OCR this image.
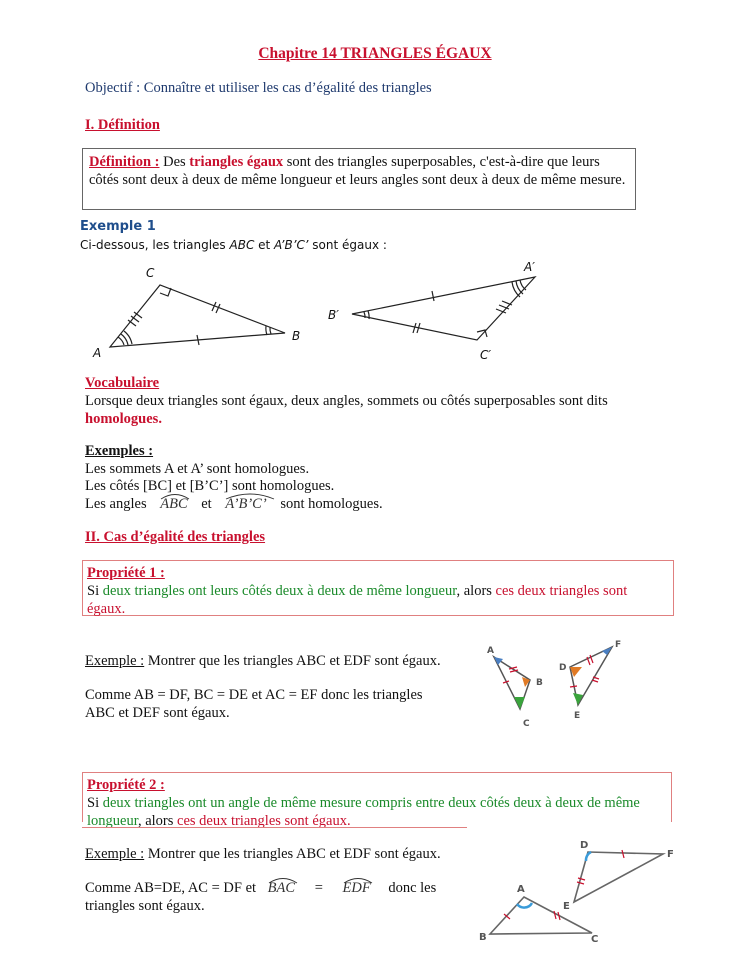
Chapitre 14 TRIANGLES ÉGAUX
Objectif : Connaître et utiliser les cas d’égalité des triangles
I. Définition
Définition : Des triangles égaux sont des triangles superposables, c'est-à-dire que leurs côtés sont deux à deux de même longueur et leurs angles sont deux à deux de même mesure.
Exemple 1
Ci-dessous, les triangles ABC et A’B’C’ sont égaux :
A
B
C	A′
B′
C′
Vocabulaire
Lorsque deux triangles sont égaux, deux angles, sommets ou côtés superposables sont dits homologues.
Exemples :
Les sommets A et A’ sont homologues.
Les côtés [BC] et [B’C’] sont homologues.
Les angles ABC et A’B’C’ sont homologues.
II. Cas d’égalité des triangles
Propriété 1 :
Si deux triangles ont leurs côtés deux à deux de même longueur, alors ces deux triangles sont égaux.
Exemple : Montrer que les triangles ABC et EDF sont égaux.
Comme AB = DF, BC = DE et AC = EF donc les triangles
ABC et DEF sont égaux.
A
B
C
D
E
F
Propriété 2 :
Si deux triangles ont un angle de même mesure compris entre deux côtés deux à deux de même longueur, alors ces deux triangles sont égaux.
Exemple : Montrer que les triangles ABC et EDF sont égaux.
Comme AB=DE, AC = DF et BAC = EDF donc les
triangles sont égaux.
D
F
E
A
B	C
